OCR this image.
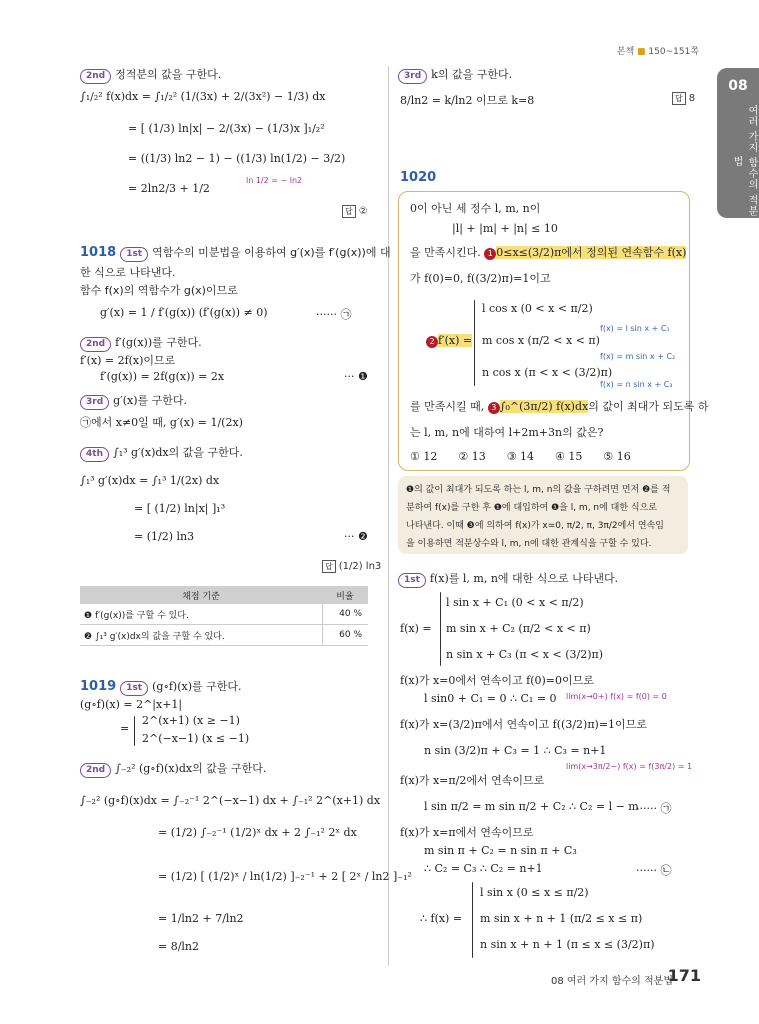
본책 ■ 150~151쪽
08
여러 가지 함수의 적분법
2nd 정적분의 값을 구한다.
∫₁/₂² f(x)dx = ∫₁/₂² (1/(3x) + 2/(3x²) − 1/3) dx
= [ (1/3) ln|x| − 2/(3x) − (1/3)x ]₁/₂²
= ((1/3) ln2 − 1) − ((1/3) ln(1/2) − 3/2)
= 2ln2/3 + 1/2
ln 1/2 = − ln2
답 ②
1018 1st 역함수의 미분법을 이용하여 g′(x)를 f′(g(x))에 대
한 식으로 나타낸다.
함수 f(x)의 역함수가 g(x)이므로
g′(x) = 1 / f′(g(x)) (f′(g(x)) ≠ 0)	······ ㉠
2nd f′(g(x))를 구한다.
f′(x) = 2f(x)이므로
f′(g(x)) = 2f(g(x)) = 2x	··· ❶
3rd g′(x)를 구한다.
㉠에서 x≠0일 때, g′(x) = 1/(2x)
4th ∫₁³ g′(x)dx의 값을 구한다.
∫₁³ g′(x)dx = ∫₁³ 1/(2x) dx
= [ (1/2) ln|x| ]₁³
= (1/2) ln3	··· ❷
답 (1/2) ln3
채점 기준	비율
❶ f′(g(x))를 구할 수 있다.	40 %
❷ ∫₁³ g′(x)dx의 값을 구할 수 있다.	60 %
1019 1st (g∘f)(x)를 구한다.
(g∘f)(x) = 2^|x+1|
=
2^(x+1) (x ≥ −1)
2^(−x−1) (x ≤ −1)
2nd ∫₋₂² (g∘f)(x)dx의 값을 구한다.
∫₋₂² (g∘f)(x)dx = ∫₋₂⁻¹ 2^(−x−1) dx + ∫₋₁² 2^(x+1) dx
= (1/2) ∫₋₂⁻¹ (1/2)ˣ dx + 2 ∫₋₁² 2ˣ dx
= (1/2) [ (1/2)ˣ / ln(1/2) ]₋₂⁻¹ + 2 [ 2ˣ / ln2 ]₋₁²
= 1/ln2 + 7/ln2
= 8/ln2
3rd k의 값을 구한다.
8/ln2 = k/ln2 이므로 k=8	답 8
1020
0이 아닌 세 정수 l, m, n이
|l| + |m| + |n| ≤ 10
을 만족시킨다. 1 0≤x≤(3/2)π에서 정의된 연속함수 f(x)
가 f(0)=0, f((3/2)π)=1이고
2 f′(x) =
l cos x (0 < x < π/2)
m cos x (π/2 < x < π)
n cos x (π < x < (3/2)π)
f(x) = l sin x + C₁
f(x) = m sin x + C₂
f(x) = n sin x + C₃
를 만족시킬 때, 3 ∫₀^(3π/2) f(x)dx의 값이 최대가 되도록 하
는 l, m, n에 대하여 l+2m+3n의 값은?
① 12 ② 13 ③ 14 ④ 15 ⑤ 16
❶의 값이 최대가 되도록 하는 l, m, n의 값을 구하려면 먼저 ❷를 적
분하여 f(x)를 구한 후 ❶에 대입하여 ❶을 l, m, n에 대한 식으로
나타낸다. 이때 ❸에 의하여 f(x)가 x=0, π/2, π, 3π/2에서 연속임
을 이용하면 적분상수와 l, m, n에 대한 관계식을 구할 수 있다.
1st f(x)를 l, m, n에 대한 식으로 나타낸다.
f(x) =
l sin x + C₁ (0 < x < π/2)
m sin x + C₂ (π/2 < x < π)
n sin x + C₃ (π < x < (3/2)π)
f(x)가 x=0에서 연속이고 f(0)=0이므로
l sin0 + C₁ = 0 ∴ C₁ = 0 lim(x→0+) f(x) = f(0) = 0
f(x)가 x=(3/2)π에서 연속이고 f((3/2)π)=1이므로
n sin (3/2)π + C₃ = 1 ∴ C₃ = n+1
lim(x→3π/2−) f(x) = f(3π/2) = 1
f(x)가 x=π/2에서 연속이므로
l sin π/2 = m sin π/2 + C₂ ∴ C₂ = l − m
······ ㉠
f(x)가 x=π에서 연속이므로
m sin π + C₂ = n sin π + C₃
∴ C₂ = C₃ ∴ C₂ = n+1	······ ㉡
∴ f(x) =
l sin x (0 ≤ x ≤ π/2)
m sin x + n + 1 (π/2 ≤ x ≤ π)
n sin x + n + 1 (π ≤ x ≤ (3/2)π)
08 여러 가지 함수의 적분법
171
